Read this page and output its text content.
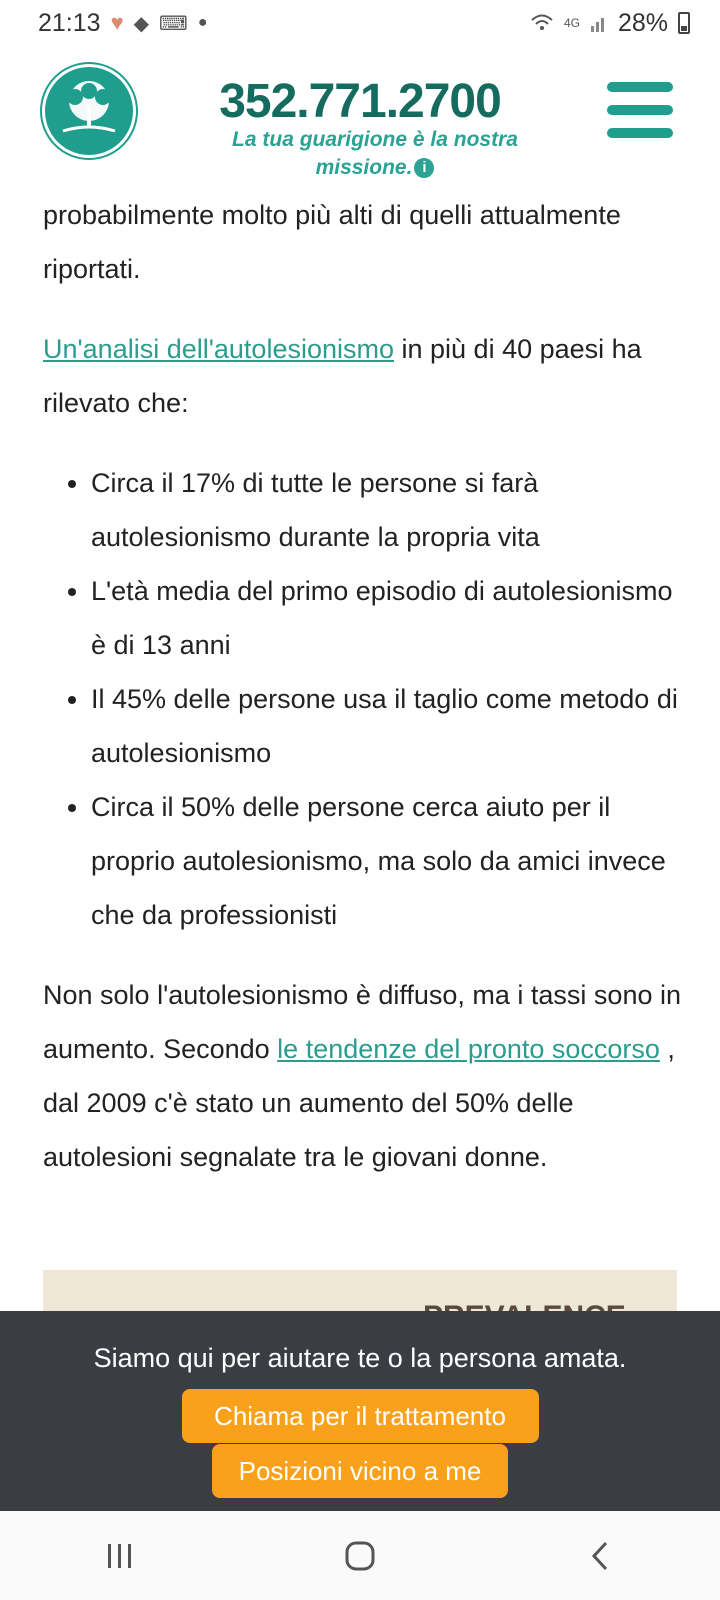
21:13 ♥ ◆ ⌨ ●	4G 28%
352.771.2700
La tua guarigione è la nostra missione. i

probabilmente molto più alti di quelli attualmente riportati.

Un'analisi dell'autolesionismo in più di 40 paesi ha rilevato che:

• Circa il 17% di tutte le persone si farà autolesionismo durante la propria vita
• L'età media del primo episodio di autolesionismo è di 13 anni
• Il 45% delle persone usa il taglio come metodo di autolesionismo
• Circa il 50% delle persone cerca aiuto per il proprio autolesionismo, ma solo da amici invece che da professionisti

Non solo l'autolesionismo è diffuso, ma i tassi sono in aumento. Secondo le tendenze del pronto soccorso , dal 2009 c'è stato un aumento del 50% delle autolesioni segnalate tra le giovani donne.

Siamo qui per aiutare te o la persona amata.
Chiama per il trattamento
Posizioni vicino a me
